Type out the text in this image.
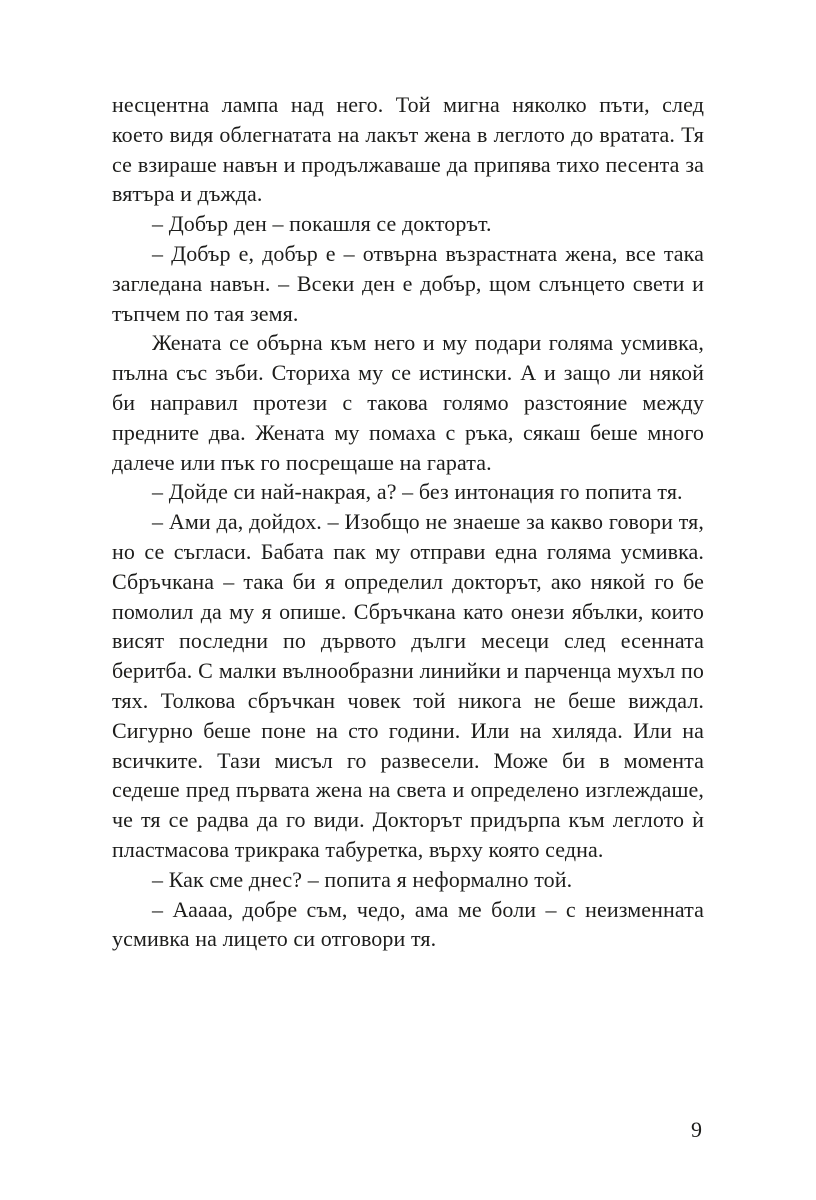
несцентна лампа над него. Той мигна няколко пъти, след което видя облегнатата на лакът жена в леглото до вратата. Тя се взираше навън и продължаваше да припява тихо песента за вятъра и дъжда.

– Добър ден – покашля се докторът.

– Добър е, добър е – отвърна възрастната жена, все така загледана навън. – Всеки ден е добър, щом слънцето свети и тъпчем по тая земя.

Жената се обърна към него и му подари голяма усмивка, пълна със зъби. Сториха му се истински. А и защо ли някой би направил протези с такова голямо разстояние между предните два. Жената му помаха с ръка, сякаш беше много далече или пък го посрещаше на гарата.

– Дойде си най-накрая, а? – без интонация го попита тя.

– Ами да, дойдох. – Изобщо не знаеше за какво говори тя, но се съгласи. Бабата пак му отправи една голяма усмивка. Сбръчкана – така би я определил докторът, ако някой го бе помолил да му я опише. Сбръчкана като онези ябълки, които висят последни по дървото дълги месеци след есенната беритба. С малки вълнообразни линийки и парченца мухъл по тях. Толкова сбръчкан човек той никога не беше виждал. Сигурно беше поне на сто години. Или на хиляда. Или на всичките. Тази мисъл го развесели. Може би в момента седеше пред първата жена на света и определено изглеждаше, че тя се радва да го види. Докторът придърпа към леглото ѝ пластмасова трикрака табуретка, върху която седна.

– Как сме днес? – попита я неформално той.

– Ааааа, добре съм, чедо, ама ме боли – с неизменната усмивка на лицето си отговори тя.

9
